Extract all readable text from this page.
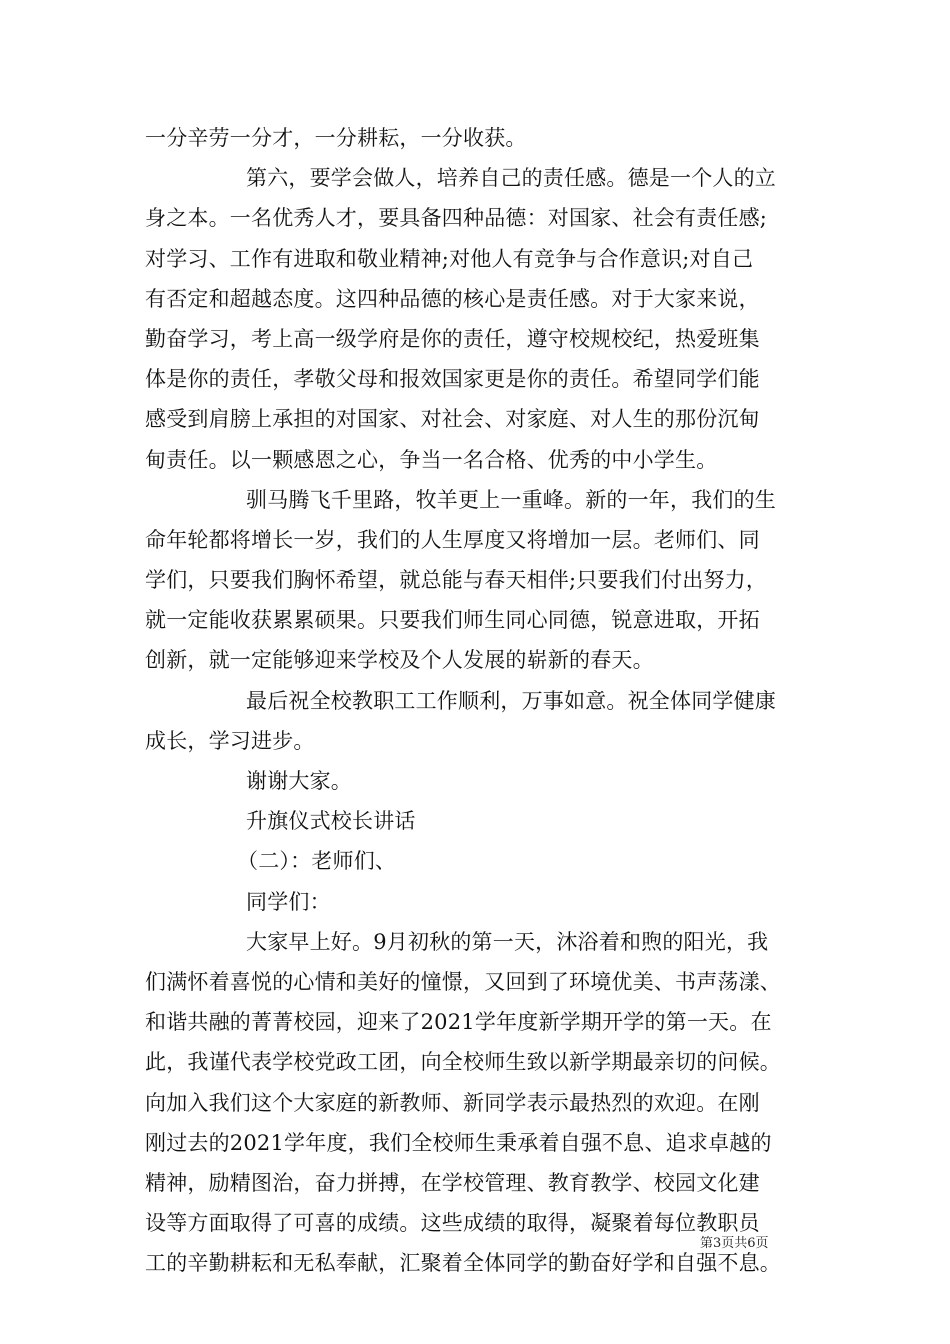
一分辛劳一分才，一分耕耘，一分收获。
第六，要学会做人，培养自己的责任感。德是一个人的立
身之本。一名优秀人才，要具备四种品德：对国家、社会有责任感;
对学习、工作有进取和敬业精神;对他人有竞争与合作意识;对自己
有否定和超越态度。这四种品德的核心是责任感。对于大家来说，
勤奋学习，考上高一级学府是你的责任，遵守校规校纪，热爱班集
体是你的责任，孝敬父母和报效国家更是你的责任。希望同学们能
感受到肩膀上承担的对国家、对社会、对家庭、对人生的那份沉甸
甸责任。以一颗感恩之心，争当一名合格、优秀的中小学生。
驯马腾飞千里路，牧羊更上一重峰。新的一年，我们的生
命年轮都将增长一岁，我们的人生厚度又将增加一层。老师们、同
学们，只要我们胸怀希望，就总能与春天相伴;只要我们付出努力，
就一定能收获累累硕果。只要我们师生同心同德，锐意进取，开拓
创新，就一定能够迎来学校及个人发展的崭新的春天。
最后祝全校教职工工作顺利，万事如意。祝全体同学健康
成长，学习进步。
谢谢大家。
升旗仪式校长讲话
（二）：老师们、
同学们：
大家早上好。9月初秋的第一天，沐浴着和煦的阳光，我
们满怀着喜悦的心情和美好的憧憬，又回到了环境优美、书声荡漾、
和谐共融的菁菁校园，迎来了2021学年度新学期开学的第一天。在
此，我谨代表学校党政工团，向全校师生致以新学期最亲切的问候。
向加入我们这个大家庭的新教师、新同学表示最热烈的欢迎。在刚
刚过去的2021学年度，我们全校师生秉承着自强不息、追求卓越的
精神，励精图治，奋力拼搏，在学校管理、教育教学、校园文化建
设等方面取得了可喜的成绩。这些成绩的取得，凝聚着每位教职员
工的辛勤耕耘和无私奉献，汇聚着全体同学的勤奋好学和自强不息。
第3页共6页
